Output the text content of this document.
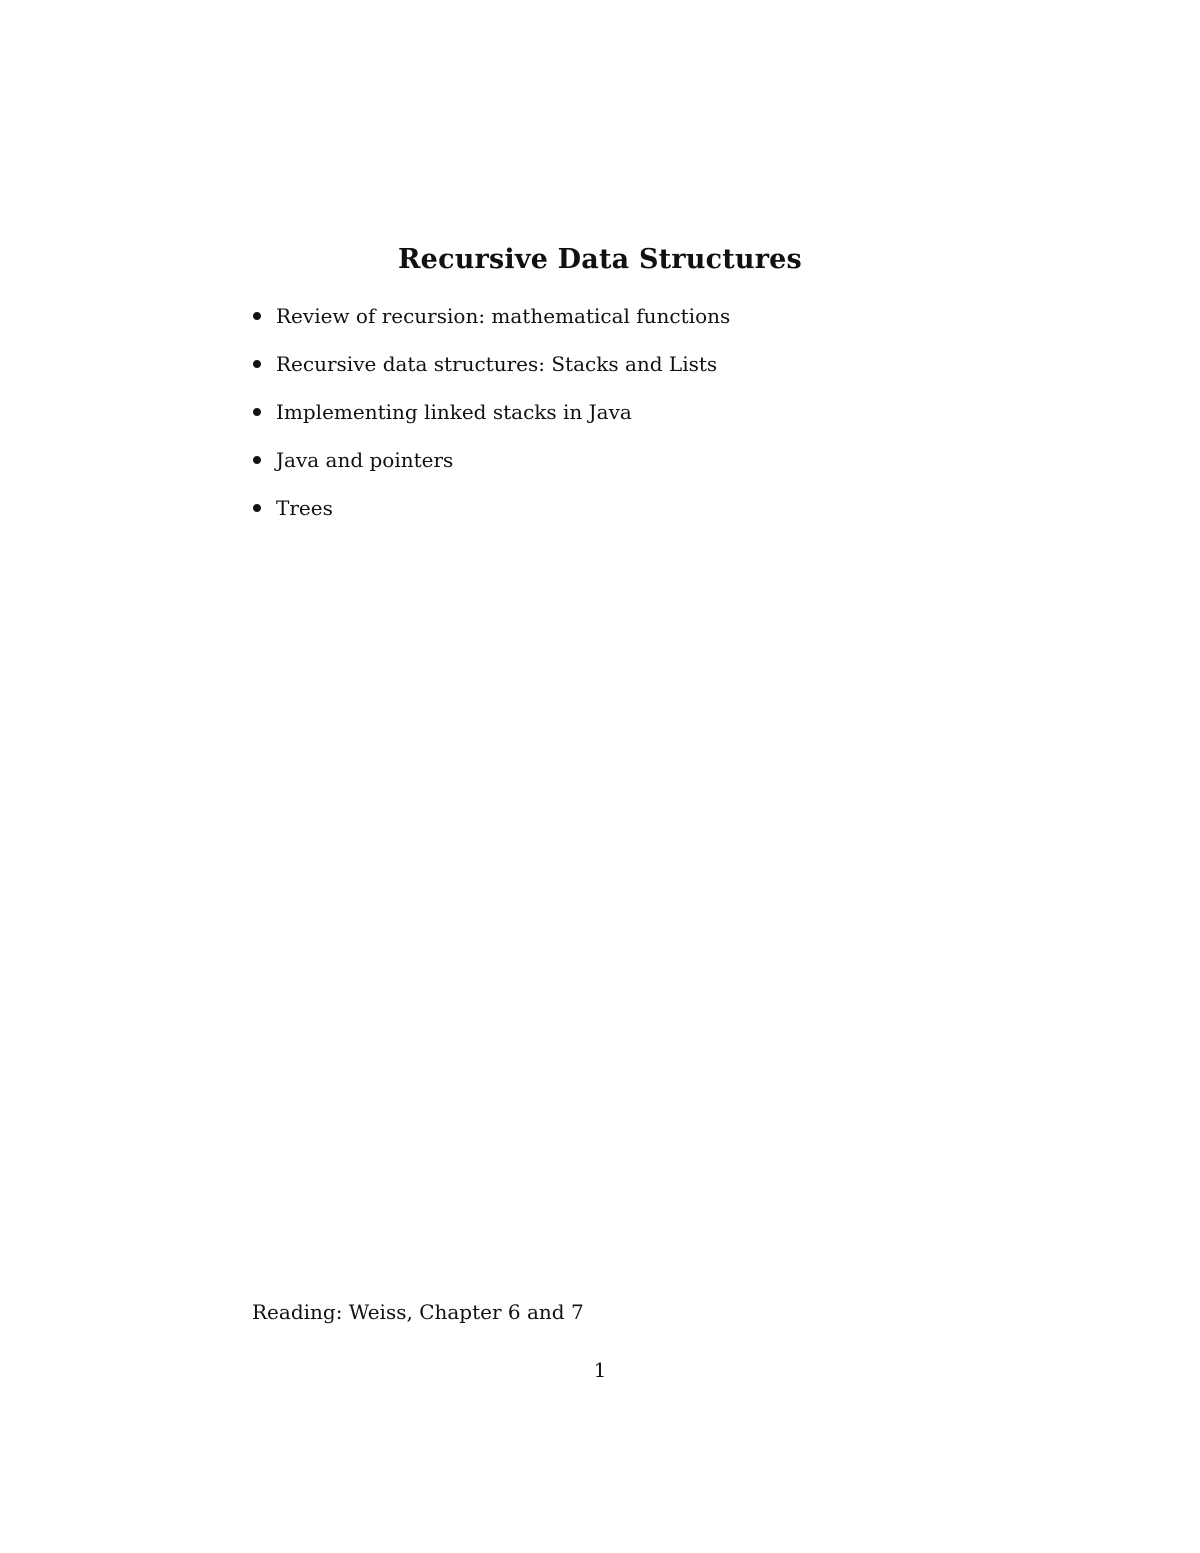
Recursive Data Structures
Review of recursion: mathematical functions
Recursive data structures: Stacks and Lists
Implementing linked stacks in Java
Java and pointers
Trees
Reading: Weiss, Chapter 6 and 7
1
